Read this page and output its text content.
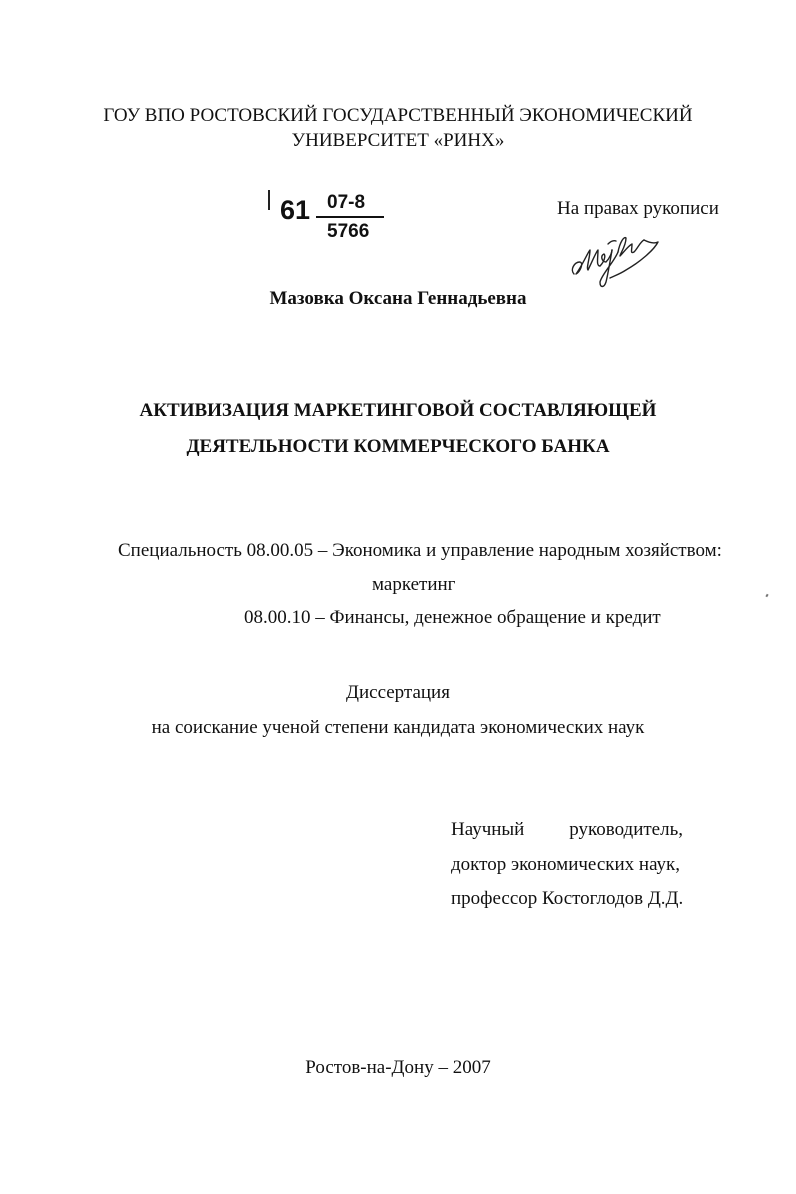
ГОУ ВПО РОСТОВСКИЙ ГОСУДАРСТВЕННЫЙ ЭКОНОМИЧЕСКИЙ
УНИВЕРСИТЕТ «РИНХ»
61 07-8
5766
На правах рукописи
Мазовка Оксана Геннадьевна
АКТИВИЗАЦИЯ МАРКЕТИНГОВОЙ СОСТАВЛЯЮЩЕЙ
ДЕЯТЕЛЬНОСТИ КОММЕРЧЕСКОГО БАНКА
Специальность 08.00.05 – Экономика и управление народным хозяйством:
маркетинг
08.00.10 – Финансы, денежное обращение и кредит
Диссертация
на соискание ученой степени кандидата экономических наук
Научный руководитель,
доктор экономических наук,
профессор Костоглодов Д.Д.
Ростов-на-Дону – 2007
